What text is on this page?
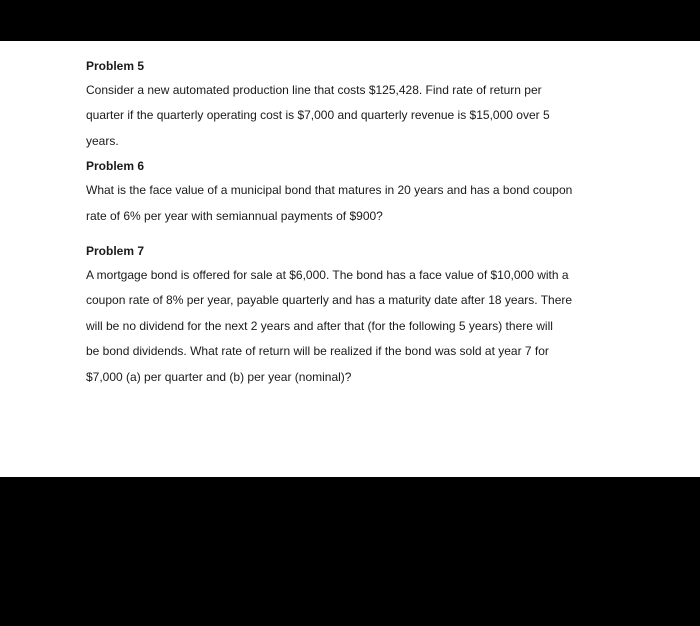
Problem 5
Consider a new automated production line that costs $125,428. Find rate of return per
quarter if the quarterly operating cost is $7,000 and quarterly revenue is $15,000 over 5
years.
Problem 6
What is the face value of a municipal bond that matures in 20 years and has a bond coupon
rate of 6% per year with semiannual payments of $900?
Problem 7
A mortgage bond is offered for sale at $6,000. The bond has a face value of $10,000 with a
coupon rate of 8% per year, payable quarterly and has a maturity date after 18 years. There
will be no dividend for the next 2 years and after that (for the following 5 years) there will
be bond dividends. What rate of return will be realized if the bond was sold at year 7 for
$7,000 (a) per quarter and (b) per year (nominal)?
